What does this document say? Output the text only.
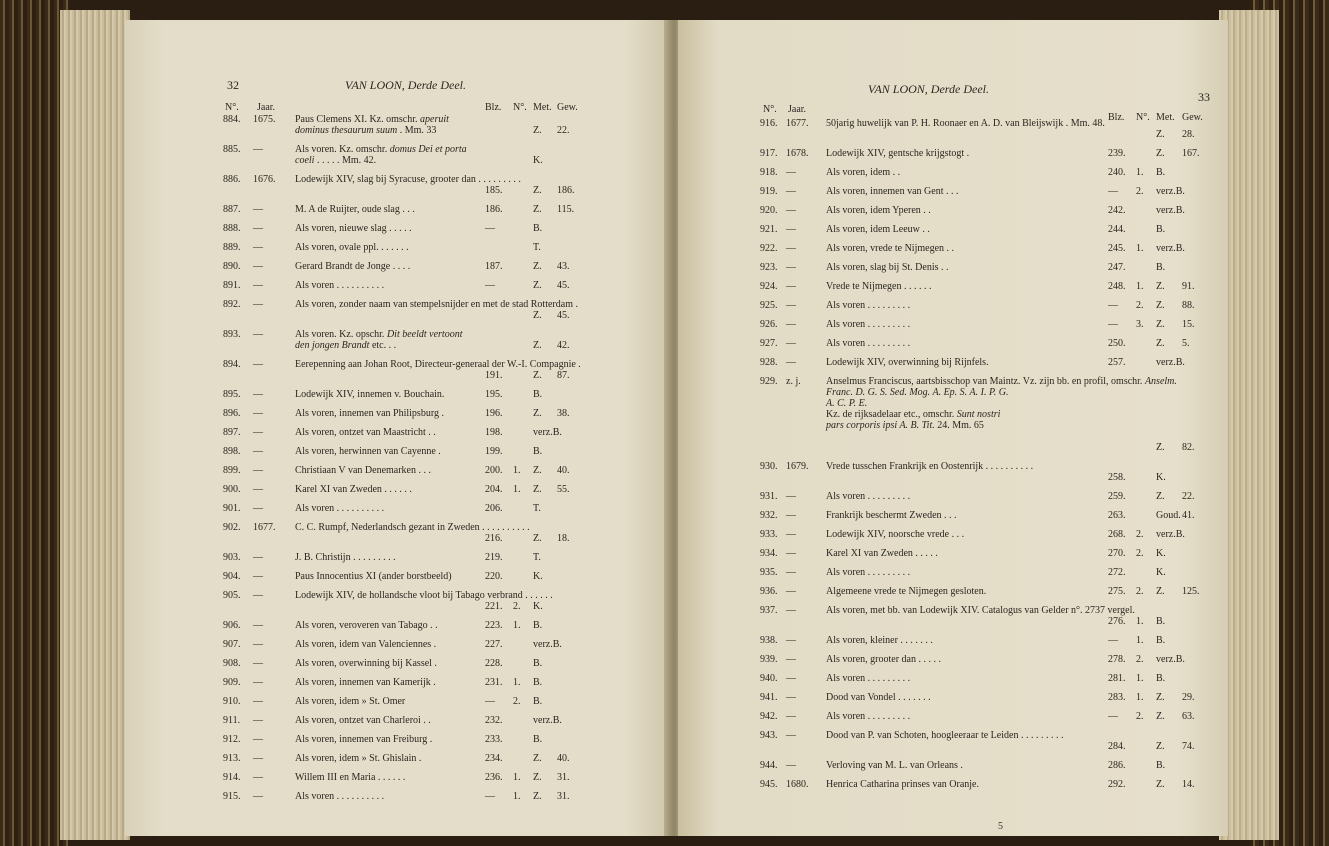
32	VAN LOON, Derde Deel.
N°. Jaar.	Blz. N°. Met. Gew.
884. 1675. Paus Clemens XI. Kz. omschr. aperuit dominus thesaurum suum . Mm. 33	Z. 22.
885. —	Als voren. Kz. omschr. domus Dei et porta coeli . . . . . Mm. 42.	K.
886. 1676. Lodewijk XIV, slag bij Syracuse, grooter dan . . . . . . . . .
185.	Z. 186.
887. —	M. A de Ruijter, oude slag . . .	186.	Z. 115.
888. —	Als voren, nieuwe slag . . . . .	—	B.
889. —	Als voren, ovale ppl. . . . . . .	T.
890. —	Gerard Brandt de Jonge . . . .	187.	Z. 43.
891. —	Als voren . . . . . . . . . .	—	Z. 45.
892. —	Als voren, zonder naam van stempelsnijder en met de stad Rotterdam .
Z. 45.
893. —	Als voren. Kz. opschr. Dit beeldt vertoont den jongen Brandt etc. . .	Z. 42.
894. —	Eerepenning aan Johan Root, Directeur-generaal der W.-I. Compagnie .
191.	Z. 87.
895. —	Lodewijk XIV, innemen v. Bouchain.	195.	B.
896. —	Als voren, innemen van Philipsburg .	196.	Z. 38.
897. —	Als voren, ontzet van Maastricht . .	198.	verz.B.
898. —	Als voren, herwinnen van Cayenne .	199.	B.
899. —	Christiaan V van Denemarken . . .	200. 1. Z. 40.
900. —	Karel XI van Zweden . . . . . .	204. 1. Z. 55.
901. —	Als voren . . . . . . . . . .	206.	T.
902. 1677. C. C. Rumpf, Nederlandsch gezant in Zweden . . . . . . . . . .
216.	Z. 18.
903. —	J. B. Christijn . . . . . . . . .	219.	T.
904. —	Paus Innocentius XI (ander borstbeeld)	220.	K.
905. —	Lodewijk XIV, de hollandsche vloot bij Tabago verbrand . . . . . .
221. 2. K.
906. —	Als voren, veroveren van Tabago . .	223. 1. B.
907. —	Als voren, idem van Valenciennes .	227.	verz.B.
908. —	Als voren, overwinning bij Kassel .	228.	B.
909. —	Als voren, innemen van Kamerijk .	231. 1. B.
910. —	Als voren, idem » St. Omer	— 2. B.
911. —	Als voren, ontzet van Charleroi . .	232.	verz.B.
912. —	Als voren, innemen van Freiburg .	233.	B.
913. —	Als voren, idem » St. Ghislain .	234.	Z. 40.
914. —	Willem III en Maria . . . . . .	236. 1. Z. 31.
915. —	Als voren . . . . . . . . . .	— 1. Z. 31.
VAN LOON, Derde Deel.
33
N°. Jaar.
Blz. N°. Met. Gew.
916. 1677. 50jarig huwelijk van P. H. Roonaer en A. D. van Bleijswijk . Mm. 48.
Z. 28.
917. 1678. Lodewijk XIV, gentsche krijgstogt .	239.	Z. 167.
918. —	Als voren, idem . .	240. 1. B.
919. —	Als voren, innemen van Gent . . .	— 2. verz.B.
920. —	Als voren, idem Yperen . .	242.	verz.B.
921. —	Als voren, idem Leeuw . .	244.	B.
922. —	Als voren, vrede te Nijmegen . .	245. 1. verz.B.
923. —	Als voren, slag bij St. Denis . .	247.	B.
924. —	Vrede te Nijmegen . . . . . .	248. 1. Z. 91.
925. —	Als voren . . . . . . . . .	— 2. Z. 88.
926. —	Als voren . . . . . . . . .	— 3. Z. 15.
927. —	Als voren . . . . . . . . .	250.	Z. 5.
928. —	Lodewijk XIV, overwinning bij Rijnfels.	257.	verz.B.
929. z. j.	Anselmus Franciscus, aartsbisschop van Maintz. Vz. zijn bb. en profil, omschr. Anselm. Franc. D. G. S. Sed. Mog. A. Ep. S. A. I. P. G. A. C. P. E. Kz. de rijksadelaar etc., omschr. Sunt nostri pars corporis ipsi A. B. Tit. 24. Mm. 65
Z. 82.
930. 1679. Vrede tusschen Frankrijk en Oostenrijk . . . . . . . . . .
258.	K.
931. —	Als voren . . . . . . . . .	259.	Z. 22.
932. —	Frankrijk beschermt Zweden . . .	263.	Goud. 41.
933. —	Lodewijk XIV, noorsche vrede . . .	268. 2. verz.B.
934. —	Karel XI van Zweden . . . . .	270. 2. K.
935. —	Als voren . . . . . . . . .	272.	K.
936. —	Algemeene vrede te Nijmegen gesloten.	275. 2. Z. 125.
937. —	Als voren, met bb. van Lodewijk XIV. Catalogus van Gelder n°. 2737 vergel.
276. 1. B.
938. —	Als voren, kleiner . . . . . . .	— 1. B.
939. —	Als voren, grooter dan . . . . .	278. 2. verz.B.
940. —	Als voren . . . . . . . . .	281. 1. B.
941. —	Dood van Vondel . . . . . . .	283. 1. Z. 29.
942. —	Als voren . . . . . . . . .	— 2. Z. 63.
943. —	Dood van P. van Schoten, hoogleeraar te Leiden . . . . . . . . .
284.	Z. 74.
944. —	Verloving van M. L. van Orleans .	286.	B.
945. 1680. Henrica Catharina prinses van Oranje.	292.	Z. 14.
5
